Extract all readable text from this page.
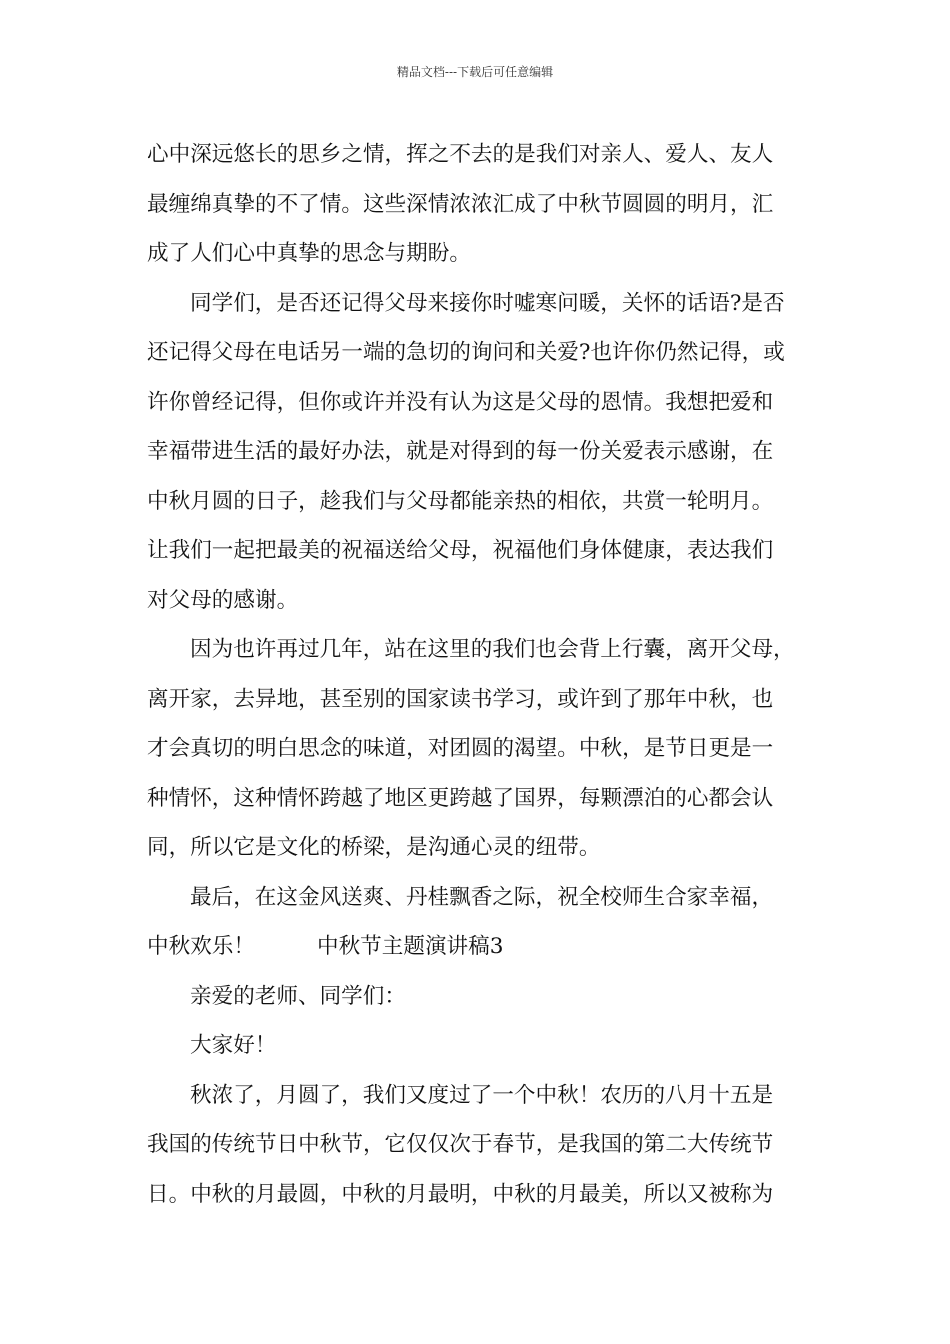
精品文档---下载后可任意编辑
心中深远悠长的思乡之情，挥之不去的是我们对亲人、爱人、友人
最缠绵真挚的不了情。这些深情浓浓汇成了中秋节圆圆的明月，汇
成了人们心中真挚的思念与期盼。
同学们，是否还记得父母来接你时嘘寒问暖，关怀的话语?是否
还记得父母在电话另一端的急切的询问和关爱?也许你仍然记得，或
许你曾经记得，但你或许并没有认为这是父母的恩情。我想把爱和
幸福带进生活的最好办法，就是对得到的每一份关爱表示感谢，在
中秋月圆的日子，趁我们与父母都能亲热的相依，共赏一轮明月。
让我们一起把最美的祝福送给父母，祝福他们身体健康，表达我们
对父母的感谢。
因为也许再过几年，站在这里的我们也会背上行囊，离开父母，
离开家，去异地，甚至别的国家读书学习，或许到了那年中秋，也
才会真切的明白思念的味道，对团圆的渴望。中秋，是节日更是一
种情怀，这种情怀跨越了地区更跨越了国界，每颗漂泊的心都会认
同，所以它是文化的桥梁，是沟通心灵的纽带。
最后，在这金风送爽、丹桂飘香之际，祝全校师生合家幸福，
中秋欢乐！	中秋节主题演讲稿3
亲爱的老师、同学们：
大家好！
秋浓了，月圆了，我们又度过了一个中秋！农历的八月十五是
我国的传统节日中秋节，它仅仅次于春节，是我国的第二大传统节
日。中秋的月最圆，中秋的月最明，中秋的月最美，所以又被称为
